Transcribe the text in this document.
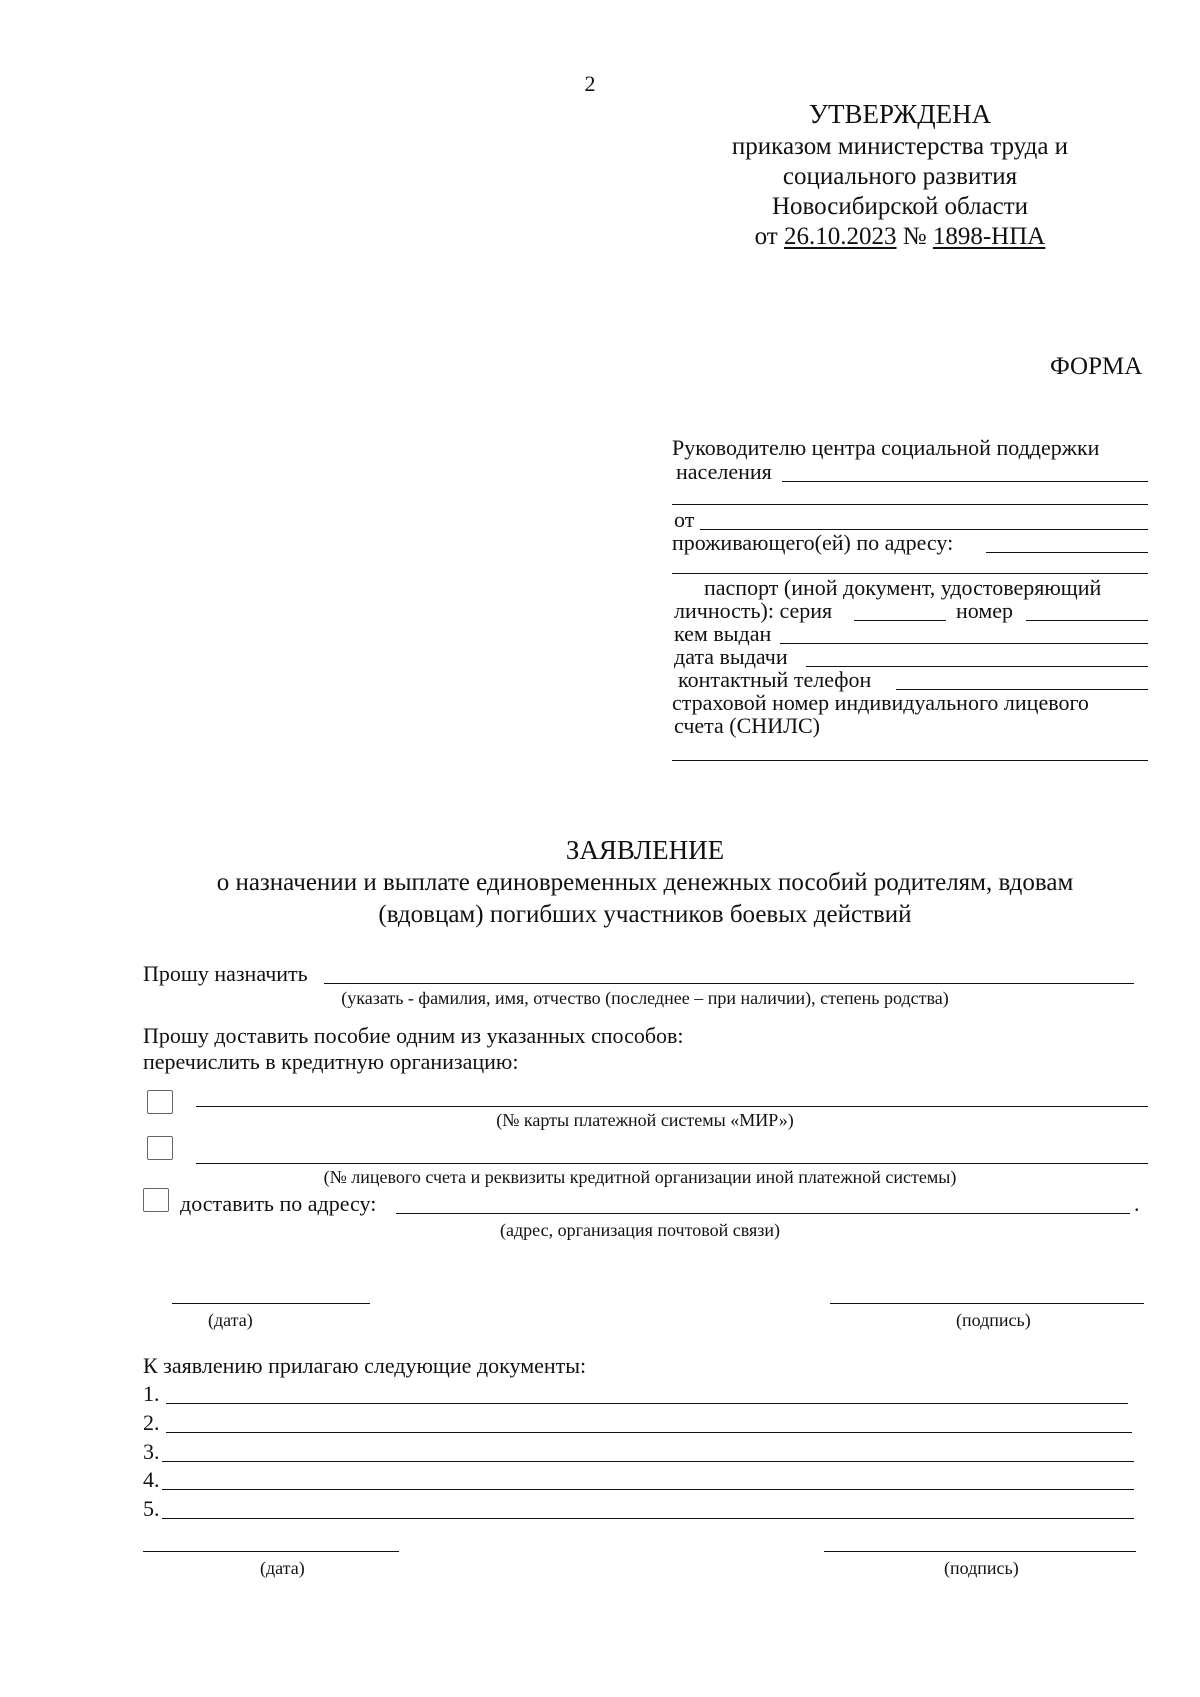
2
УТВЕРЖДЕНА
приказом министерства труда и
социального развития
Новосибирской области
от 26.10.2023 № 1898-НПА
ФОРМА
Руководителю центра социальной поддержки
населения
от
проживающего(ей) по адресу:
паспорт (иной документ, удостоверяющий
личность): серия	номер
кем выдан
дата выдачи
контактный телефон
страховой номер индивидуального лицевого
счета (СНИЛС)
ЗАЯВЛЕНИЕ
о назначении и выплате единовременных денежных пособий родителям, вдовам
(вдовцам) погибших участников боевых действий
Прошу назначить
(указать - фамилия, имя, отчество (последнее – при наличии), степень родства)
Прошу доставить пособие одним из указанных способов:
перечислить в кредитную организацию:
(№ карты платежной системы «МИР»)
(№ лицевого счета и реквизиты кредитной организации иной платежной системы)
доставить по адресу:	.
(адрес, организация почтовой связи)
(дата)	(подпись)
К заявлению прилагаю следующие документы:
1.
2.
3.
4.
5.
(дата)	(подпись)
